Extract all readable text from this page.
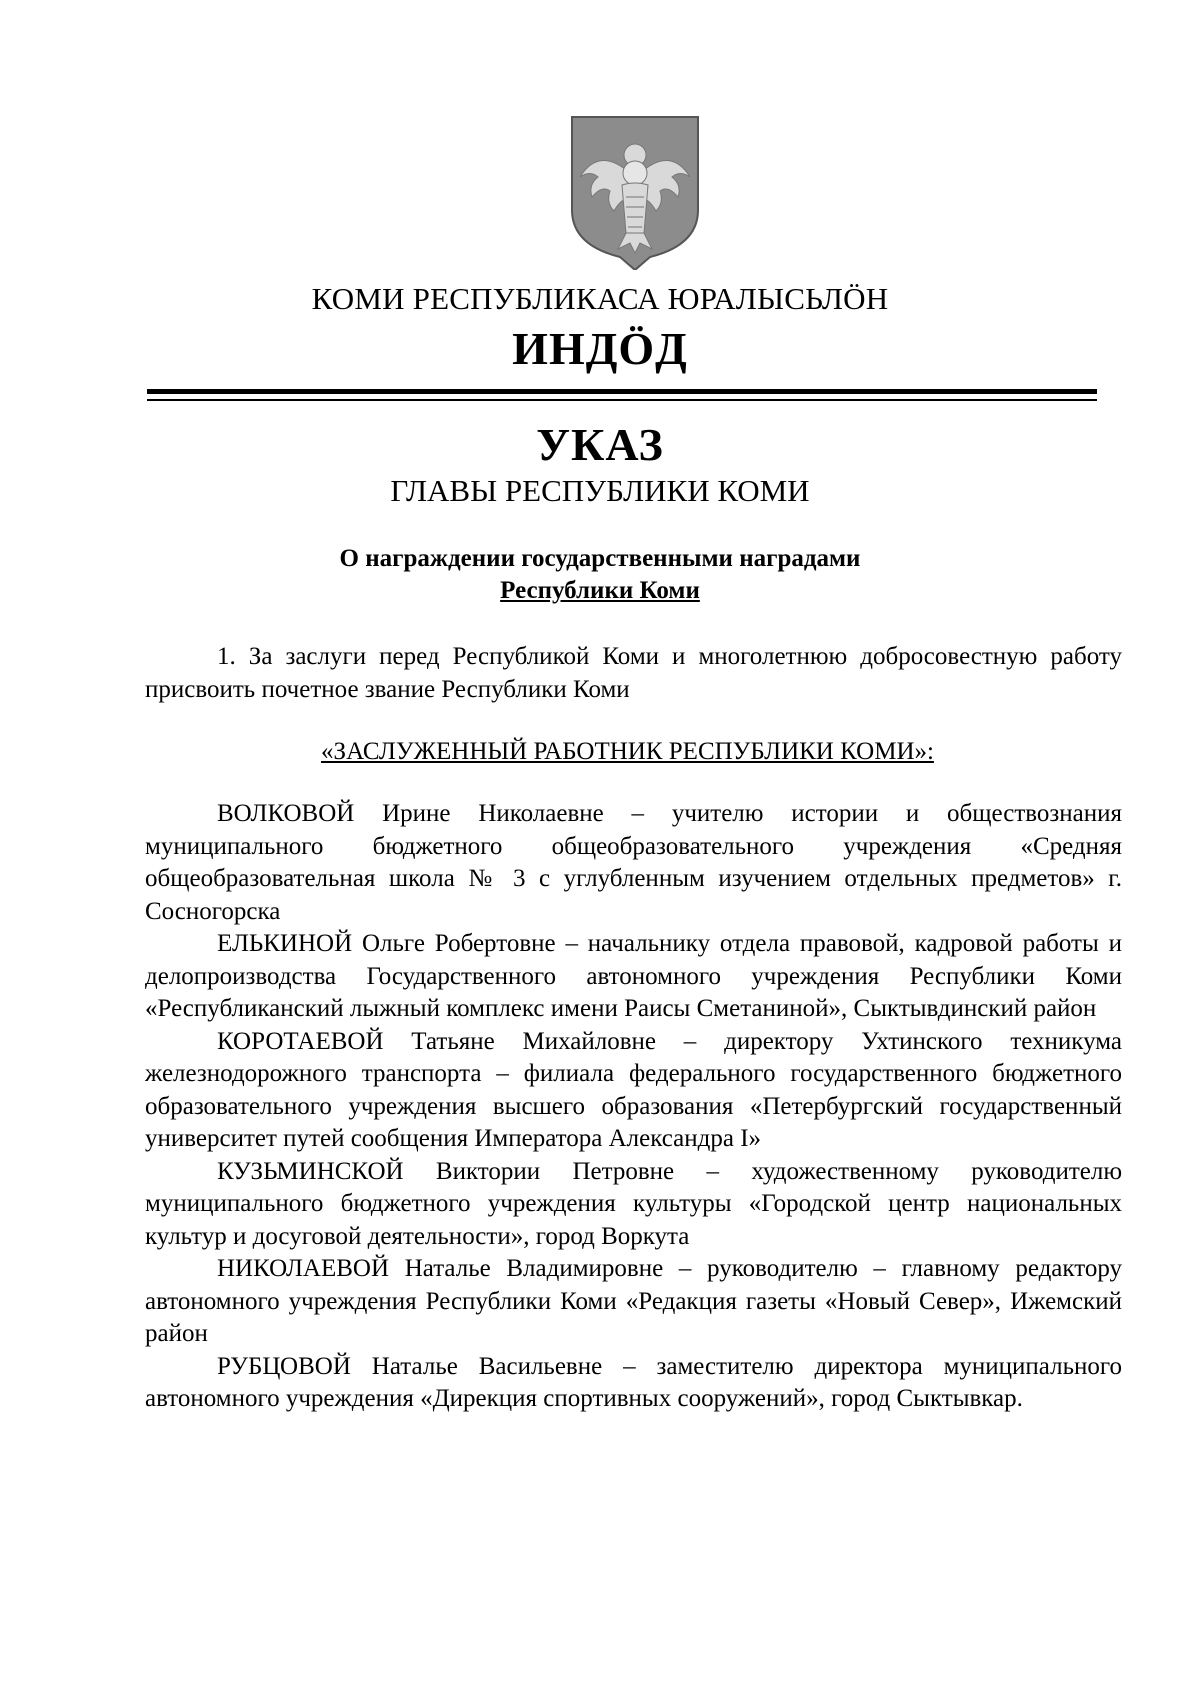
КОМИ РЕСПУБЛИКАСА ЮРАЛЫСЬЛÖН
ИНДÖД
УКАЗ
ГЛАВЫ РЕСПУБЛИКИ КОМИ
О награждении государственными наградами
Республики Коми
1. За заслуги перед Республикой Коми и многолетнюю добросовестную работу присвоить почетное звание Республики Коми
«ЗАСЛУЖЕННЫЙ РАБОТНИК РЕСПУБЛИКИ КОМИ»:

ВОЛКОВОЙ Ирине Николаевне – учителю истории и обществознания муниципального бюджетного общеобразовательного учреждения «Средняя общеобразовательная школа № 3 с углубленным изучением отдельных предметов» г. Сосногорска

ЕЛЬКИНОЙ Ольге Робертовне – начальнику отдела правовой, кадровой работы и делопроизводства Государственного автономного учреждения Республики Коми «Республиканский лыжный комплекс имени Раисы Сметаниной», Сыктывдинский район

КОРОТАЕВОЙ Татьяне Михайловне – директору Ухтинского техникума железнодорожного транспорта – филиала федерального государственного бюджетного образовательного учреждения высшего образования «Петербургский государственный университет путей сообщения Императора Александра I»

КУЗЬМИНСКОЙ Виктории Петровне – художественному руководителю муниципального бюджетного учреждения культуры «Городской центр национальных культур и досуговой деятельности», город Воркута

НИКОЛАЕВОЙ Наталье Владимировне – руководителю – главному редактору автономного учреждения Республики Коми «Редакция газеты «Новый Север», Ижемский район

РУБЦОВОЙ Наталье Васильевне – заместителю директора муниципального автономного учреждения «Дирекция спортивных сооружений», город Сыктывкар.
